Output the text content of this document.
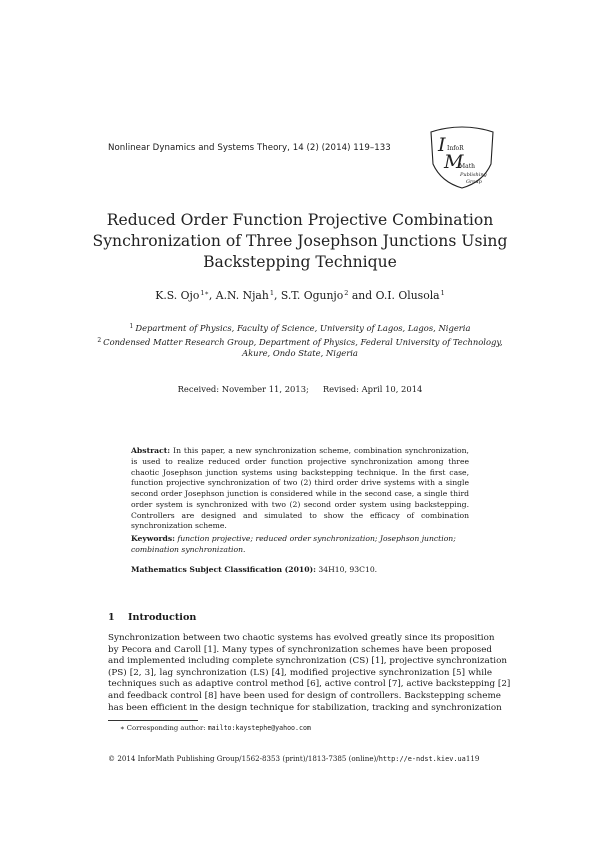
Nonlinear Dynamics and Systems Theory, 14 (2) (2014) 119–133 I InfoR
M
Math
Publishing
Group
Reduced Order Function Projective Combination
Synchronization of Three Josephson Junctions Using
Backstepping Technique
K.S. Ojo$^{1∗}$, A.N. Njah$^1$, S.T. Ogunjo$^2$ and O.I. Olusola$^1$
$^1$ Department of Physics, Faculty of Science, University of Lagos, Lagos, Nigeria
$^2$ Condensed Matter Research Group, Department of Physics, Federal University of Technology,
Akure, Ondo State, Nigeria
Received: November 11, 2013; Revised: April 10, 2014
Abstract: In this paper, a new synchronization scheme, combination synchronization, is used to realize reduced order function projective synchronization among three chaotic Josephson junction systems using backstepping technique. In the first case, function projective synchronization of two (2) third order drive systems with a single second order Josephson junction is considered while in the second case, a single third order system is synchronized with two (2) second order system using backstepping. Controllers are designed and simulated to show the efficacy of combination synchronization scheme.
Keywords: function projective; reduced order synchronization; Josephson junction; combination synchronization.
Mathematics Subject Classification (2010): 34H10, 93C10.
1 Introduction
Synchronization between two chaotic systems has evolved greatly since its proposition
by Pecora and Caroll [1]. Many types of synchronization schemes have been proposed
and implemented including complete synchronization (CS) [1], projective synchronization
(PS) [2, 3], lag synchronization (LS) [4], modified projective synchronization [5] while
techniques such as adaptive control method [6], active control [7], active backstepping [2]
and feedback control [8] have been used for design of controllers. Backstepping scheme
has been efficient in the design technique for stabilization, tracking and synchronization
∗ Corresponding author: mailto:kaystephe@yahoo.com
© 2014 InforMath Publishing Group/1562-8353 (print)/1813-7385 (online)/http://e-ndst.kiev.ua119
